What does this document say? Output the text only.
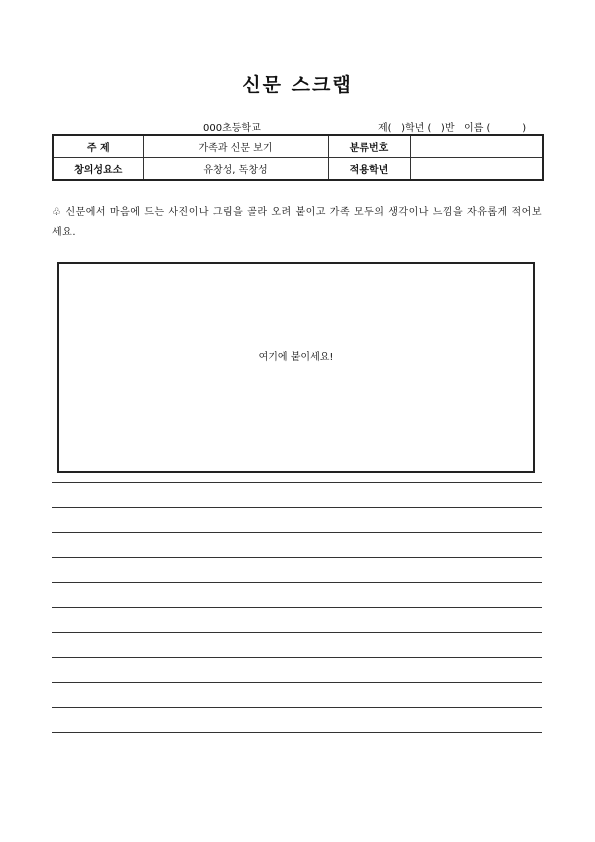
신문 스크랩
000초등학교	제(   )학년 (   )반   이름 (          )
주 제	가족과 신문 보기	분류번호	
창의성요소	유창성, 독창성	적용학년	
♧ 신문에서 마음에 드는 사진이나 그림을 골라 오려 붙이고 가족 모두의 생각이나 느낌을 자유롭게 적어보세요.
여기에 붙이세요!
